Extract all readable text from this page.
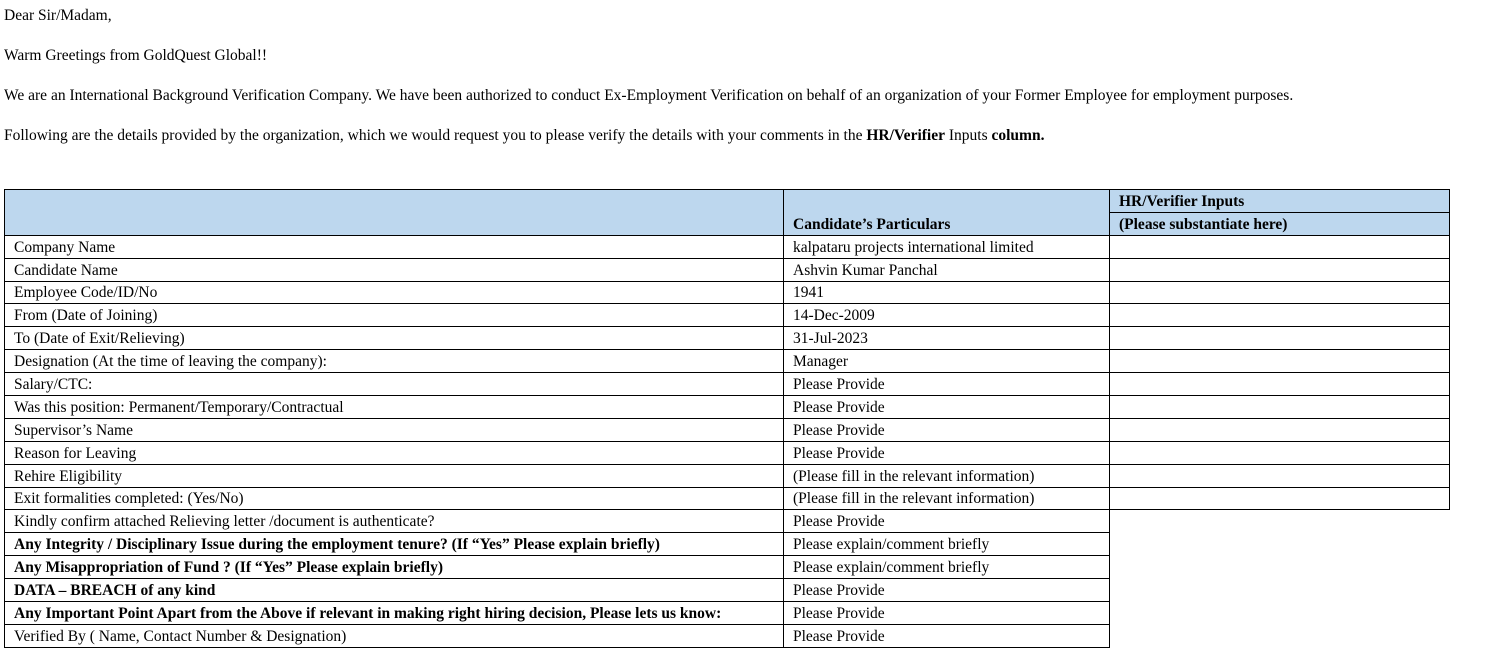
Dear Sir/Madam,

Warm Greetings from GoldQuest Global!!

We are an International Background Verification Company. We have been authorized to conduct Ex-Employment Verification on behalf of an organization of your Former Employee for employment purposes.

Following are the details provided by the organization, which we would request you to please verify the details with your comments in the HR/Verifier Inputs column.

	Candidate’s Particulars	HR/Verifier Inputs
		(Please substantiate here)
Company Name	kalpataru projects international limited	
Candidate Name	Ashvin Kumar Panchal	
Employee Code/ID/No	1941	
From (Date of Joining)	14-Dec-2009	
To (Date of Exit/Relieving)	31-Jul-2023	
Designation (At the time of leaving the company):	Manager	
Salary/CTC:	Please Provide	
Was this position: Permanent/Temporary/Contractual	Please Provide	
Supervisor’s Name	Please Provide	
Reason for Leaving	Please Provide	
Rehire Eligibility	(Please fill in the relevant information)	
Exit formalities completed: (Yes/No)	(Please fill in the relevant information)	
Kindly confirm attached Relieving letter /document is authenticate?	Please Provide	
Any Integrity / Disciplinary Issue during the employment tenure? (If “Yes” Please explain briefly)	Please explain/comment briefly	
Any Misappropriation of Fund ? (If “Yes” Please explain briefly)	Please explain/comment briefly	
DATA – BREACH of any kind	Please Provide	
Any Important Point Apart from the Above if relevant in making right hiring decision, Please lets us know:	Please Provide	
Verified By ( Name, Contact Number & Designation)	Please Provide	
